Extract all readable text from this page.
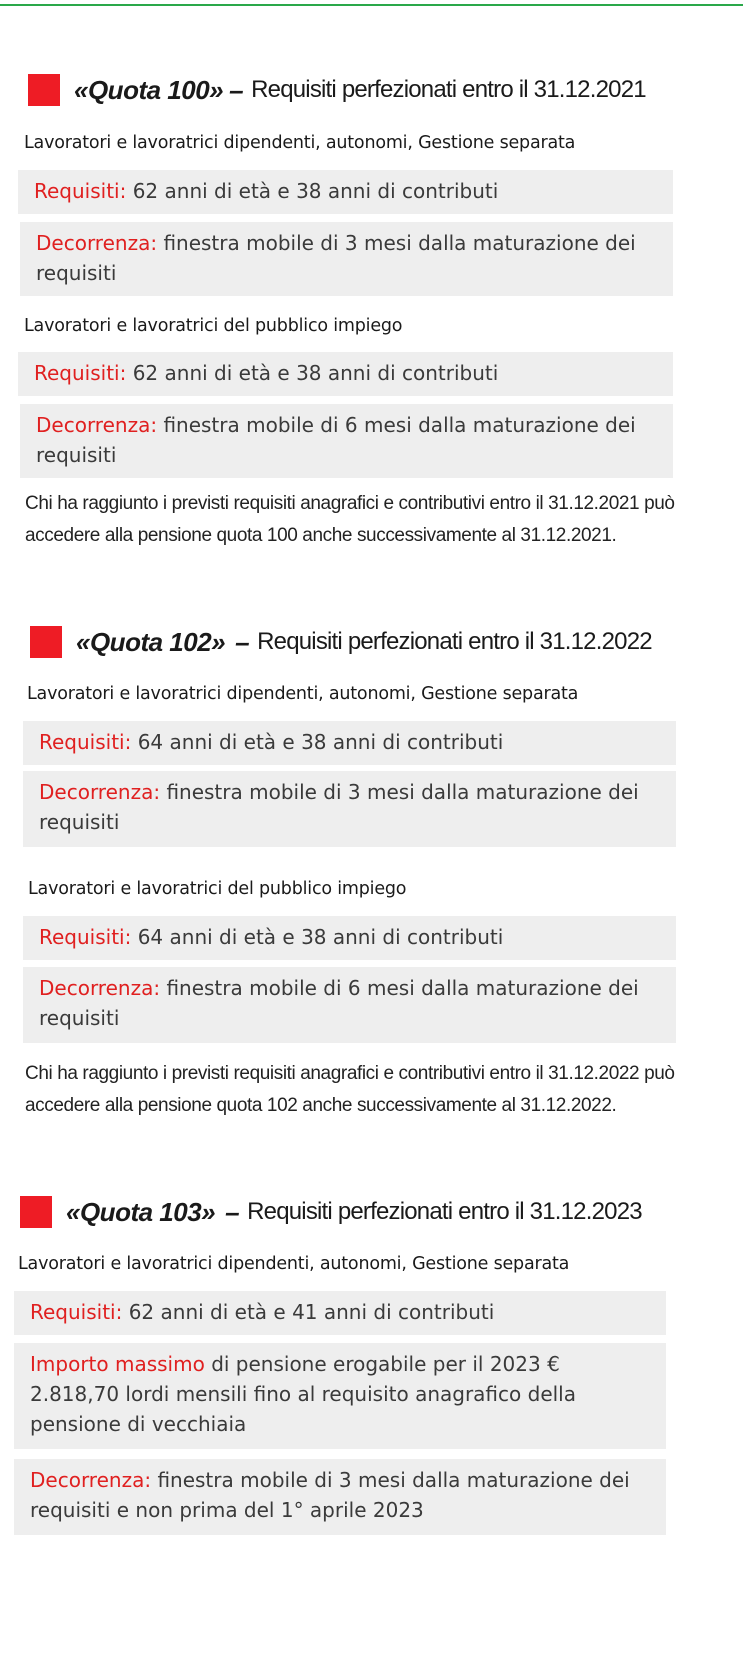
«Quota 100» – Requisiti perfezionati entro il 31.12.2021
Lavoratori e lavoratrici dipendenti, autonomi, Gestione separata
Requisiti: 62 anni di età e 38 anni di contributi
Decorrenza: finestra mobile di 3 mesi dalla maturazione dei requisiti
Lavoratori e lavoratrici del pubblico impiego
Requisiti: 62 anni di età e 38 anni di contributi
Decorrenza: finestra mobile di 6 mesi dalla maturazione dei requisiti
Chi ha raggiunto i previsti requisiti anagrafici e contributivi entro il 31.12.2021 può accedere alla pensione quota 100 anche successivamente al 31.12.2021.
«Quota 102» – Requisiti perfezionati entro il 31.12.2022
Lavoratori e lavoratrici dipendenti, autonomi, Gestione separata
Requisiti: 64 anni di età e 38 anni di contributi
Decorrenza: finestra mobile di 3 mesi dalla maturazione dei requisiti
Lavoratori e lavoratrici del pubblico impiego
Requisiti: 64 anni di età e 38 anni di contributi
Decorrenza: finestra mobile di 6 mesi dalla maturazione dei requisiti
Chi ha raggiunto i previsti requisiti anagrafici e contributivi entro il 31.12.2022 può accedere alla pensione quota 102 anche successivamente al 31.12.2022.
«Quota 103» – Requisiti perfezionati entro il 31.12.2023
Lavoratori e lavoratrici dipendenti, autonomi, Gestione separata
Requisiti: 62 anni di età e 41 anni di contributi
Importo massimo di pensione erogabile per il 2023 € 2.818,70 lordi mensili fino al requisito anagrafico della pensione di vecchiaia
Decorrenza: finestra mobile di 3 mesi dalla maturazione dei requisiti e non prima del 1° aprile 2023
